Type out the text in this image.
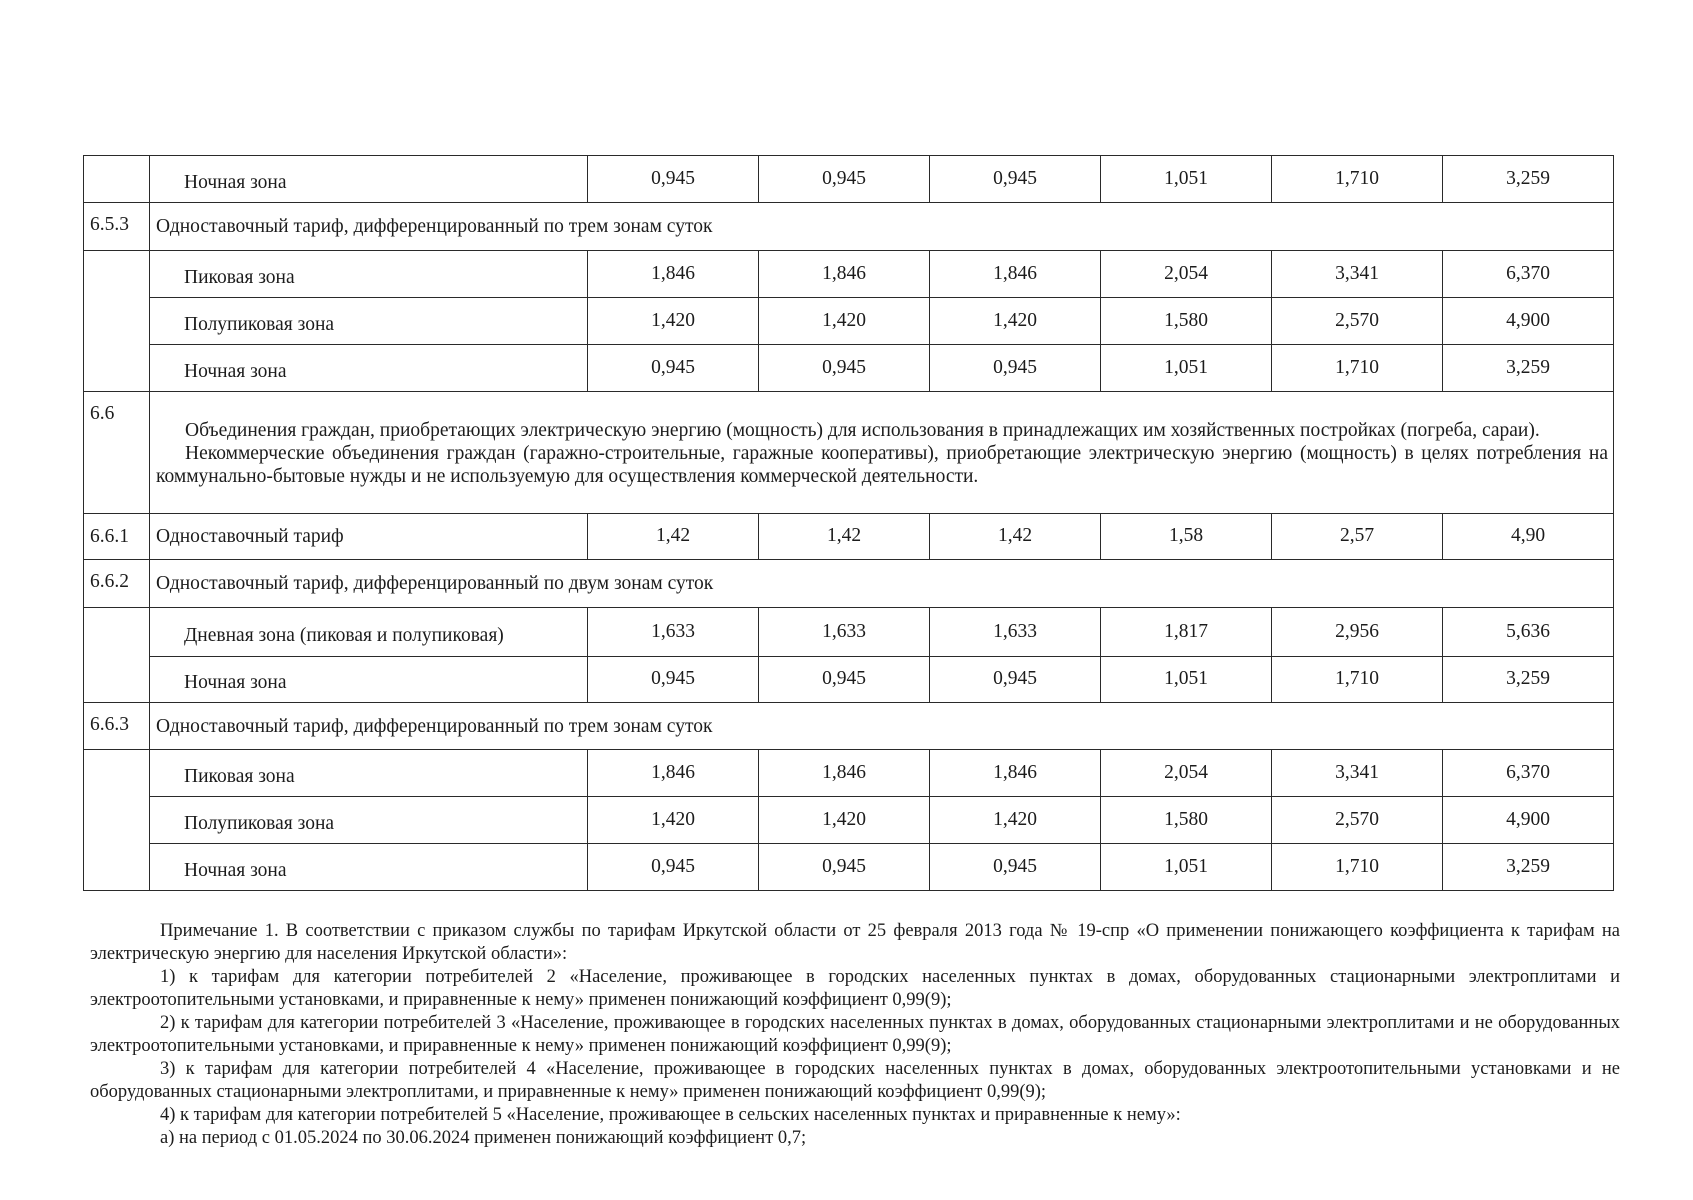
	Ночная зона	0,945	0,945	0,945	1,051	1,710	3,259
6.5.3	Одноставочный тариф, дифференцированный по трем зонам суток						
	Пиковая зона	1,846	1,846	1,846	2,054	3,341	6,370
	Полупиковая зона	1,420	1,420	1,420	1,580	2,570	4,900
	Ночная зона	0,945	0,945	0,945	1,051	1,710	3,259
6.6	Объединения граждан, приобретающих электрическую энергию (мощность) для использования в принадлежащих им хозяйственных постройках (погреба, сараи).

Некоммерческие объединения граждан (гаражно-строительные, гаражные кооперативы), приобретающие электрическую энергию (мощность) в целях потребления на коммунально-бытовые нужды и не используемую для осуществления коммерческой деятельности.						

6.6.1	Одноставочный тариф	1,42	1,42	1,42	1,58	2,57	4,90
6.6.2	Одноставочный тариф, дифференцированный по двум зонам суток						
	Дневная зона (пиковая и полупиковая)	1,633	1,633	1,633	1,817	2,956	5,636
	Ночная зона	0,945	0,945	0,945	1,051	1,710	3,259
6.6.3	Одноставочный тариф, дифференцированный по трем зонам суток						
	Пиковая зона	1,846	1,846	1,846	2,054	3,341	6,370
	Полупиковая зона	1,420	1,420	1,420	1,580	2,570	4,900
	Ночная зона	0,945	0,945	0,945	1,051	1,710	3,259

Примечание 1. В соответствии с приказом службы по тарифам Иркутской области от 25 февраля 2013 года № 19-спр «О применении понижающего коэффициента к тарифам на электрическую энергию для населения Иркутской области»:

1) к тарифам для категории потребителей 2 «Население, проживающее в городских населенных пунктах в домах, оборудованных стационарными электроплитами и электроотопительными установками, и приравненные к нему» применен понижающий коэффициент 0,99(9);

2) к тарифам для категории потребителей 3 «Население, проживающее в городских населенных пунктах в домах, оборудованных стационарными электроплитами и не оборудованных электроотопительными установками, и приравненные к нему» применен понижающий коэффициент 0,99(9);

3) к тарифам для категории потребителей 4 «Население, проживающее в городских населенных пунктах в домах, оборудованных электроотопительными установками и не оборудованных стационарными электроплитами, и приравненные к нему» применен понижающий коэффициент 0,99(9);

4) к тарифам для категории потребителей 5 «Население, проживающее в сельских населенных пунктах и приравненные к нему»:

а) на период с 01.05.2024 по 30.06.2024 применен понижающий коэффициент 0,7;
